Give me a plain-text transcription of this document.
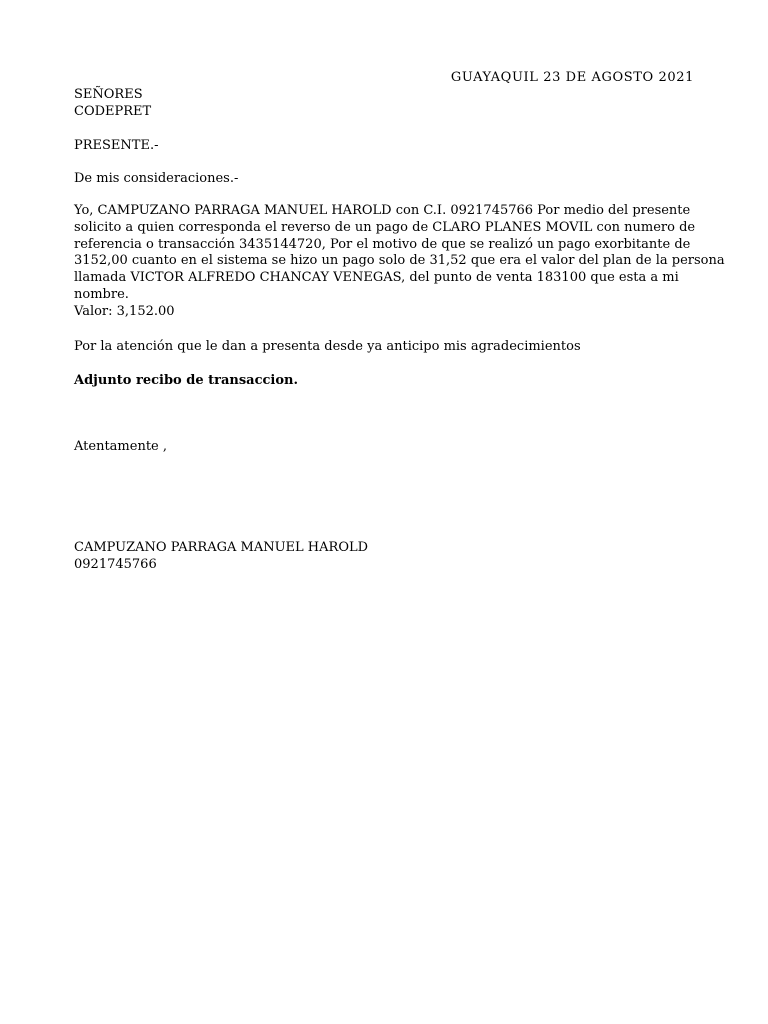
GUAYAQUIL 23 DE AGOSTO 2021
SEÑORES
CODEPRET
PRESENTE.-
De mis consideraciones.-
Yo, CAMPUZANO PARRAGA MANUEL HAROLD con C.I. 0921745766 Por medio del presente
solicito a quien corresponda el reverso de un pago de CLARO PLANES MOVIL con numero de
referencia o transacción 3435144720, Por el motivo de que se realizó un pago exorbitante de
3152,00 cuanto en el sistema se hizo un pago solo de 31,52 que era el valor del plan de la persona
llamada VICTOR ALFREDO CHANCAY VENEGAS, del punto de venta 183100 que esta a mi
nombre.
Valor: 3,152.00
Por la atención que le dan a presenta desde ya anticipo mis agradecimientos
Adjunto recibo de transaccion.
Atentamente ,
CAMPUZANO PARRAGA MANUEL HAROLD
0921745766
